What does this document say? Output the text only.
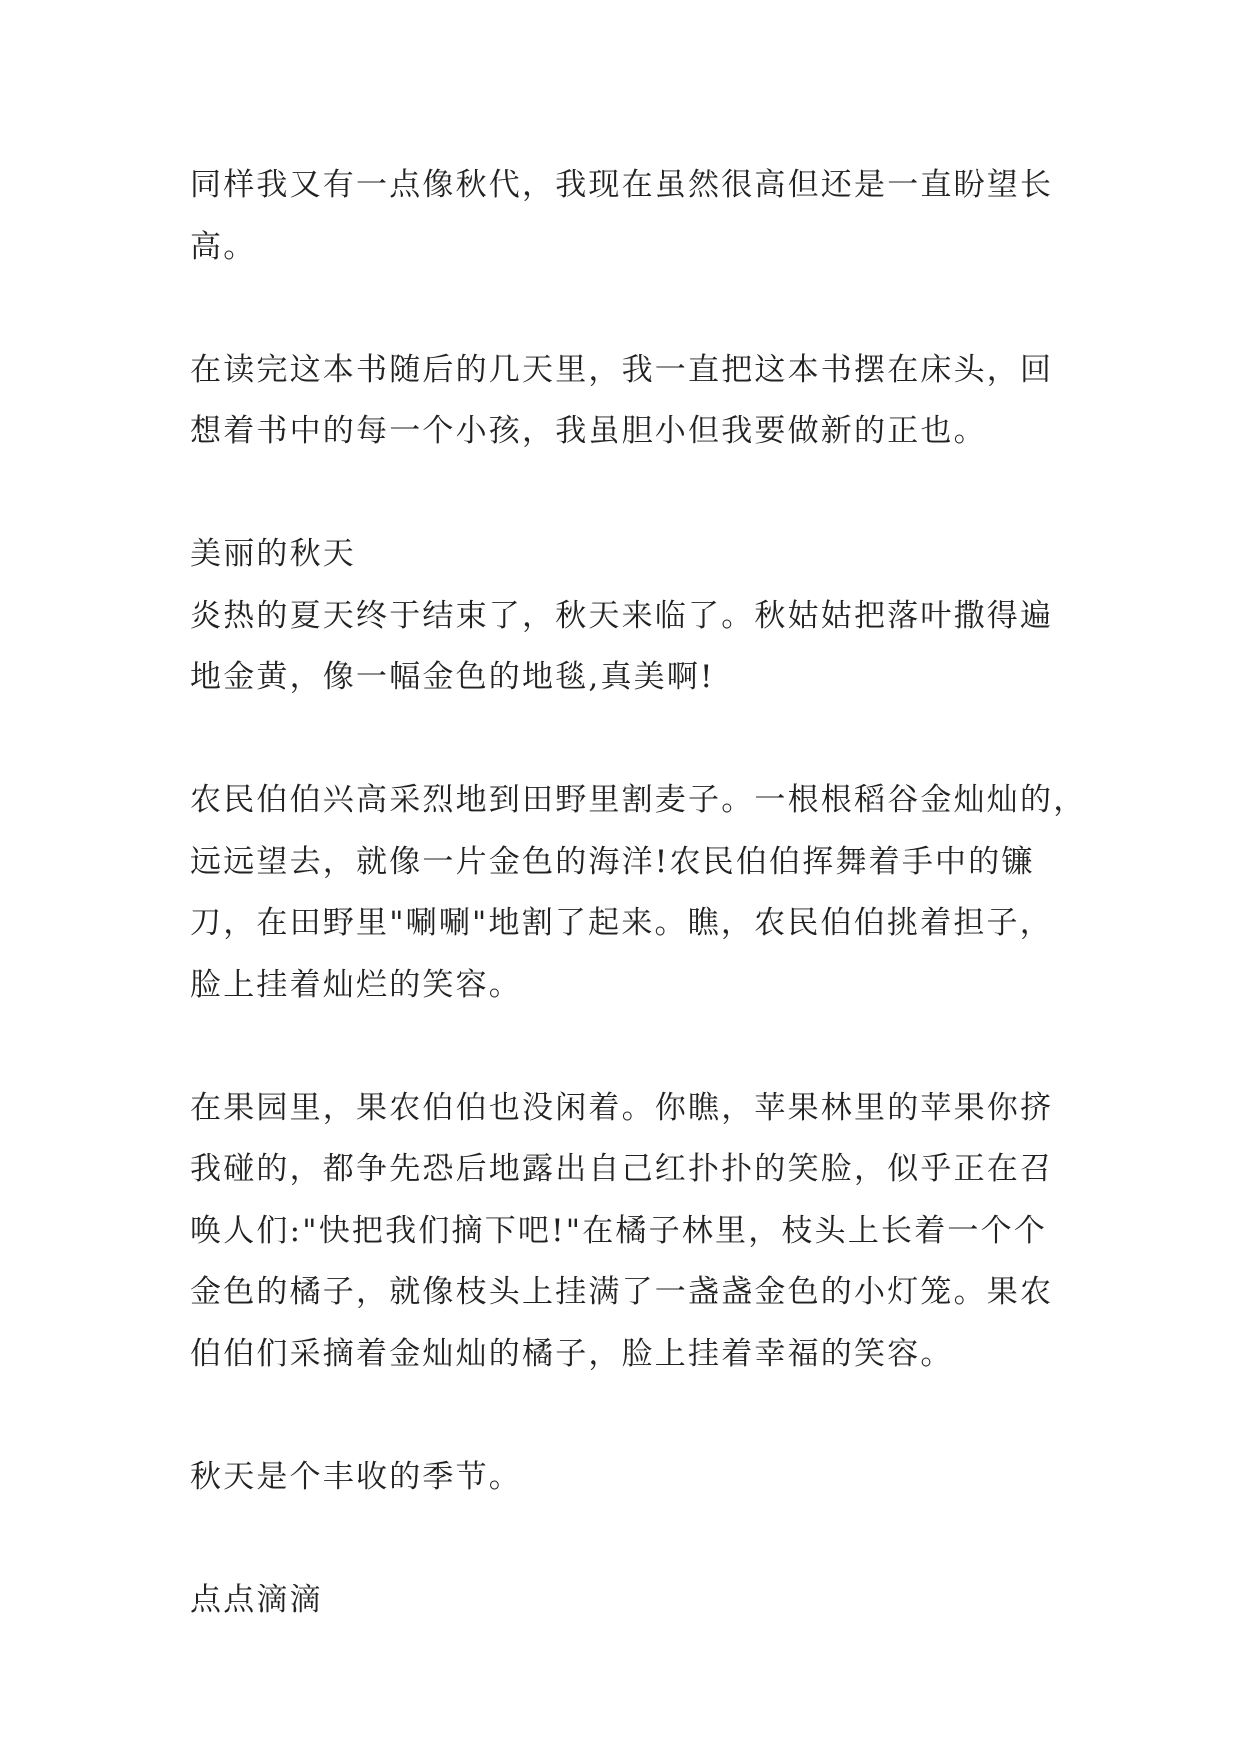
同样我又有一点像秋代，我现在虽然很高但还是一直盼望长
高。

在读完这本书随后的几天里，我一直把这本书摆在床头，回
想着书中的每一个小孩，我虽胆小但我要做新的正也。

美丽的秋天
炎热的夏天终于结束了，秋天来临了。秋姑姑把落叶撒得遍
地金黄，像一幅金色的地毯,真美啊!

农民伯伯兴高采烈地到田野里割麦子。一根根稻谷金灿灿的，
远远望去，就像一片金色的海洋!农民伯伯挥舞着手中的镰
刀，在田野里"唰唰"地割了起来。瞧，农民伯伯挑着担子，
脸上挂着灿烂的笑容。

在果园里，果农伯伯也没闲着。你瞧，苹果林里的苹果你挤
我碰的，都争先恐后地露出自己红扑扑的笑脸，似乎正在召
唤人们:"快把我们摘下吧!"在橘子林里，枝头上长着一个个
金色的橘子，就像枝头上挂满了一盏盏金色的小灯笼。果农
伯伯们采摘着金灿灿的橘子，脸上挂着幸福的笑容。

秋天是个丰收的季节。

点点滴滴
